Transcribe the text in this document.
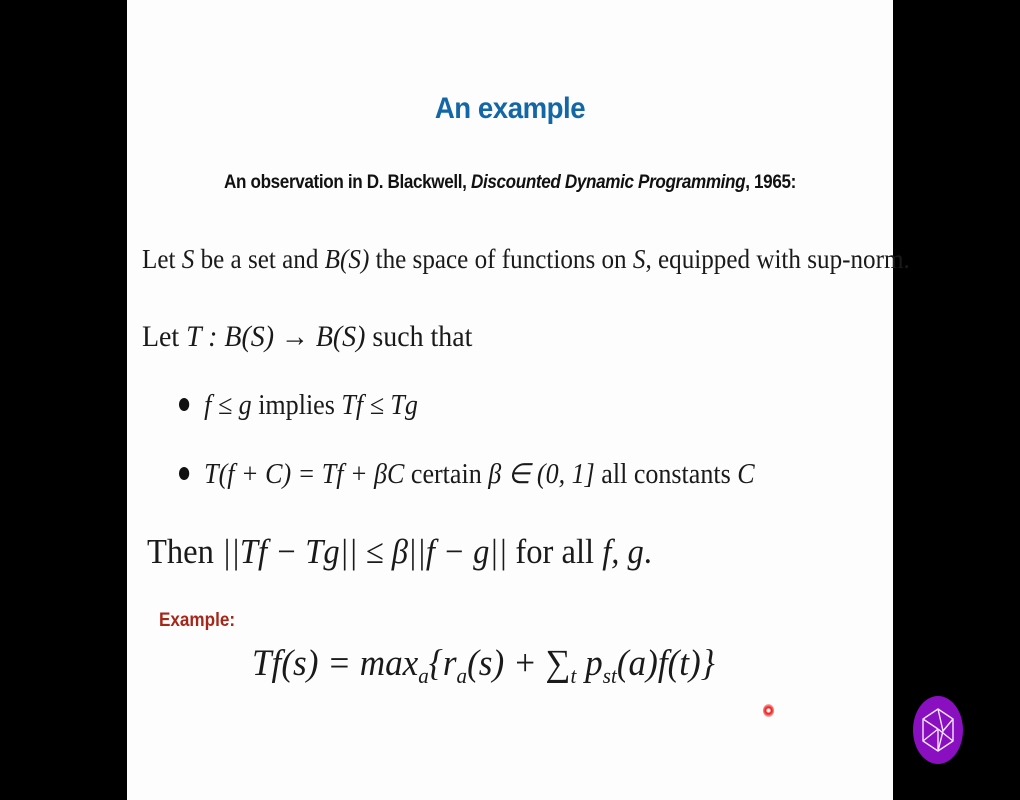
An example
An observation in D. Blackwell, Discounted Dynamic Programming, 1965:
Let S be a set and B(S) the space of functions on S, equipped with sup-norm.
Let T : B(S) → B(S) such that
f ≤ g implies Tf ≤ Tg
T(f + C) = Tf + βC certain β ∈ (0, 1] all constants C
Then ||Tf − Tg|| ≤ β||f − g|| for all f, g.
Example:
$Tf(s) = \max_a\{r_a(s) + \sum_t$ $p_{st}(a)f(t)$}
